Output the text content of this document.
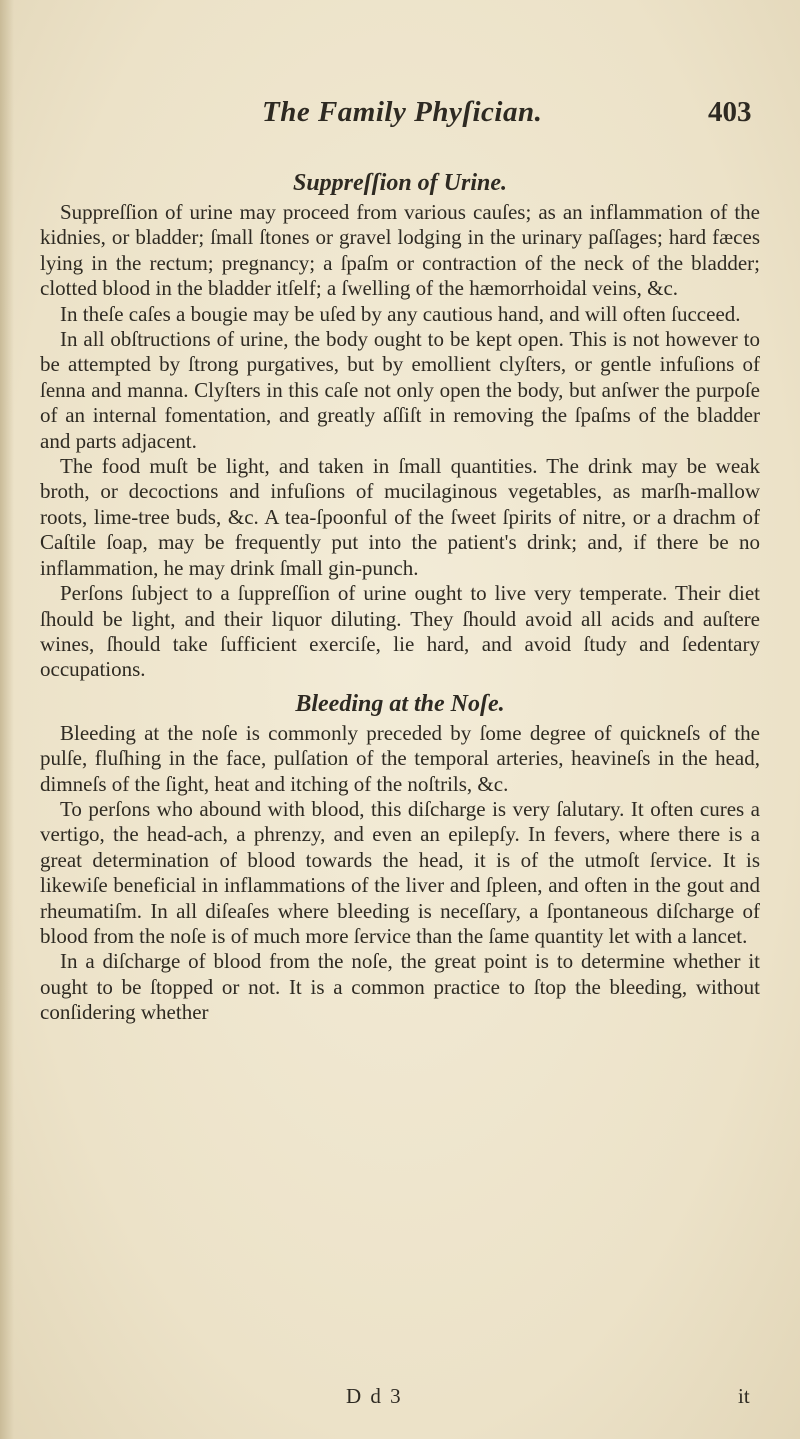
The Family Phyſician.	403
Suppreſſion of Urine.

Suppreſſion of urine may proceed from various cauſes; as an inflammation of the kidnies, or bladder; ſmall ſtones or gravel lodging in the urinary paſſages; hard fæces lying in the rectum; pregnancy; a ſpaſm or contraction of the neck of the bladder; clotted blood in the bladder itſelf; a ſwelling of the hæmorrhoidal veins, &c.

In theſe caſes a bougie may be uſed by any cautious hand, and will often ſucceed.

In all obſtructions of urine, the body ought to be kept open. This is not however to be attempted by ſtrong purgatives, but by emollient clyſters, or gentle infuſions of ſenna and manna. Clyſters in this caſe not only open the body, but anſwer the purpoſe of an internal fomentation, and greatly aſſiſt in removing the ſpaſms of the bladder and parts adjacent.

The food muſt be light, and taken in ſmall quantities. The drink may be weak broth, or decoctions and infuſions of mucilaginous vegetables, as marſh-mallow roots, lime-tree buds, &c. A tea-ſpoonful of the ſweet ſpirits of nitre, or a drachm of Caſtile ſoap, may be frequently put into the patient's drink; and, if there be no inflammation, he may drink ſmall gin-punch.

Perſons ſubject to a ſuppreſſion of urine ought to live very temperate. Their diet ſhould be light, and their liquor diluting. They ſhould avoid all acids and auſtere wines, ſhould take ſufficient exerciſe, lie hard, and avoid ſtudy and ſedentary occupations.

Bleeding at the Noſe.

Bleeding at the noſe is commonly preceded by ſome degree of quickneſs of the pulſe, fluſhing in the face, pulſation of the temporal arteries, heavineſs in the head, dimneſs of the ſight, heat and itching of the noſtrils, &c.

To perſons who abound with blood, this diſcharge is very ſalutary. It often cures a vertigo, the head-ach, a phrenzy, and even an epilepſy. In fevers, where there is a great determination of blood towards the head, it is of the utmoſt ſervice. It is likewiſe beneficial in inflammations of the liver and ſpleen, and often in the gout and rheumatiſm. In all diſeaſes where bleeding is neceſſary, a ſpontaneous diſcharge of blood from the noſe is of much more ſervice than the ſame quantity let with a lancet.

In a diſcharge of blood from the noſe, the great point is to determine whether it ought to be ſtopped or not. It is a common practice to ſtop the bleeding, without conſidering whether

D d 3	it
